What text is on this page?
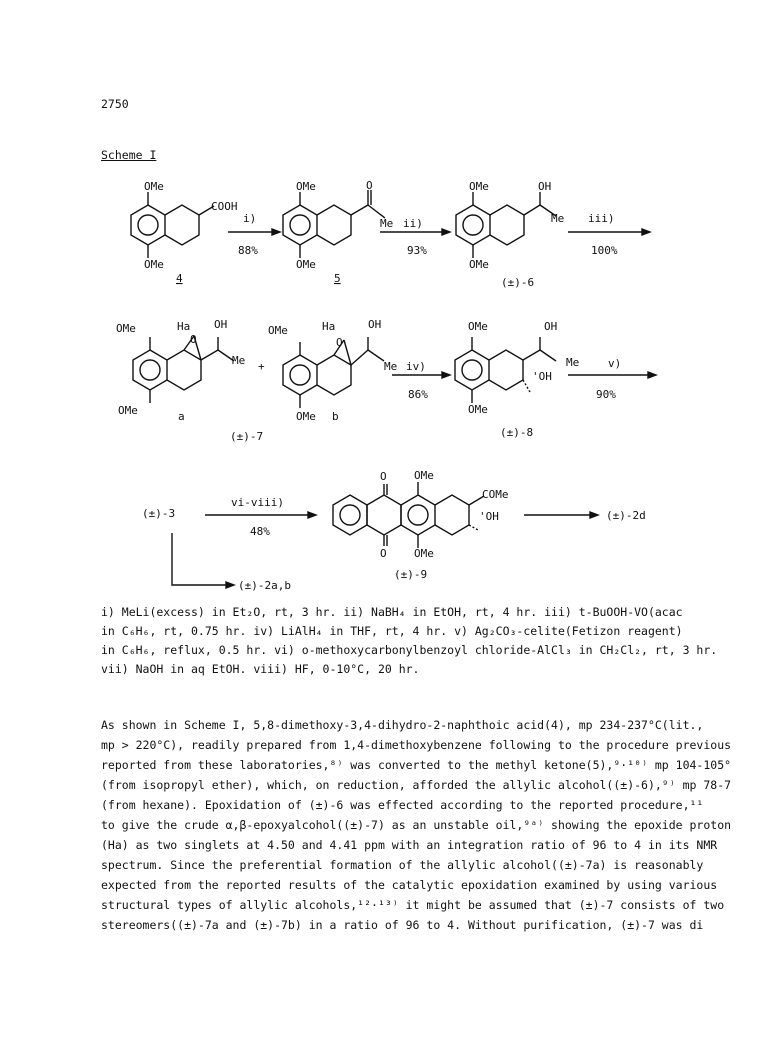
2750
Scheme I
OMe
OMe
COOH
4
i)
88%
OMe
OMe
O
Me ii)
93%
5
OMe
OMe
OH
Me iii)
100%
(±)-6
OMe	Ha
O
OH
Me
OMe	a
+
(±)-7
OMe	Ha
O
OH
Me
OMe b
iv)
86%
OMe	OH
Me
'OH
OMe
(±)-8
v)
90%
(±)-3
vi-viii)
48%
O
O
OMe
OMe
COMe
'OH
(±)-9
(±)-2d
(±)-2a,b
i) MeLi(excess) in Et₂O, rt, 3 hr. ii) NaBH₄ in EtOH, rt, 4 hr. iii) t-BuOOH-VO(acac
in C₆H₆, rt, 0.75 hr. iv) LiAlH₄ in THF, rt, 4 hr. v) Ag₂CO₃-celite(Fetizon reagent)
in C₆H₆, reflux, 0.5 hr. vi) o-methoxycarbonylbenzoyl chloride-AlCl₃ in CH₂Cl₂, rt, 3 hr.
vii) NaOH in aq EtOH. viii) HF, 0-10°C, 20 hr.
As shown in Scheme I, 5,8-dimethoxy-3,4-dihydro-2-naphthoic acid(4), mp 234-237°C(lit.,
mp > 220°C), readily prepared from 1,4-dimethoxybenzene following to the procedure previous
reported from these laboratories,⁸⁾ was converted to the methyl ketone(5),⁹·¹⁰⁾ mp 104-105°
(from isopropyl ether), which, on reduction, afforded the allylic alcohol((±)-6),⁹⁾ mp 78-7
(from hexane). Epoxidation of (±)-6 was effected according to the reported procedure,¹¹
to give the crude α,β-epoxyalcohol((±)-7) as an unstable oil,⁹ᵃ⁾ showing the epoxide proton
(Ha) as two singlets at 4.50 and 4.41 ppm with an integration ratio of 96 to 4 in its NMR
spectrum. Since the preferential formation of the allylic alcohol((±)-7a) is reasonably
expected from the reported results of the catalytic epoxidation examined by using various
structural types of allylic alcohols,¹²·¹³⁾ it might be assumed that (±)-7 consists of two
stereomers((±)-7a and (±)-7b) in a ratio of 96 to 4. Without purification, (±)-7 was di
